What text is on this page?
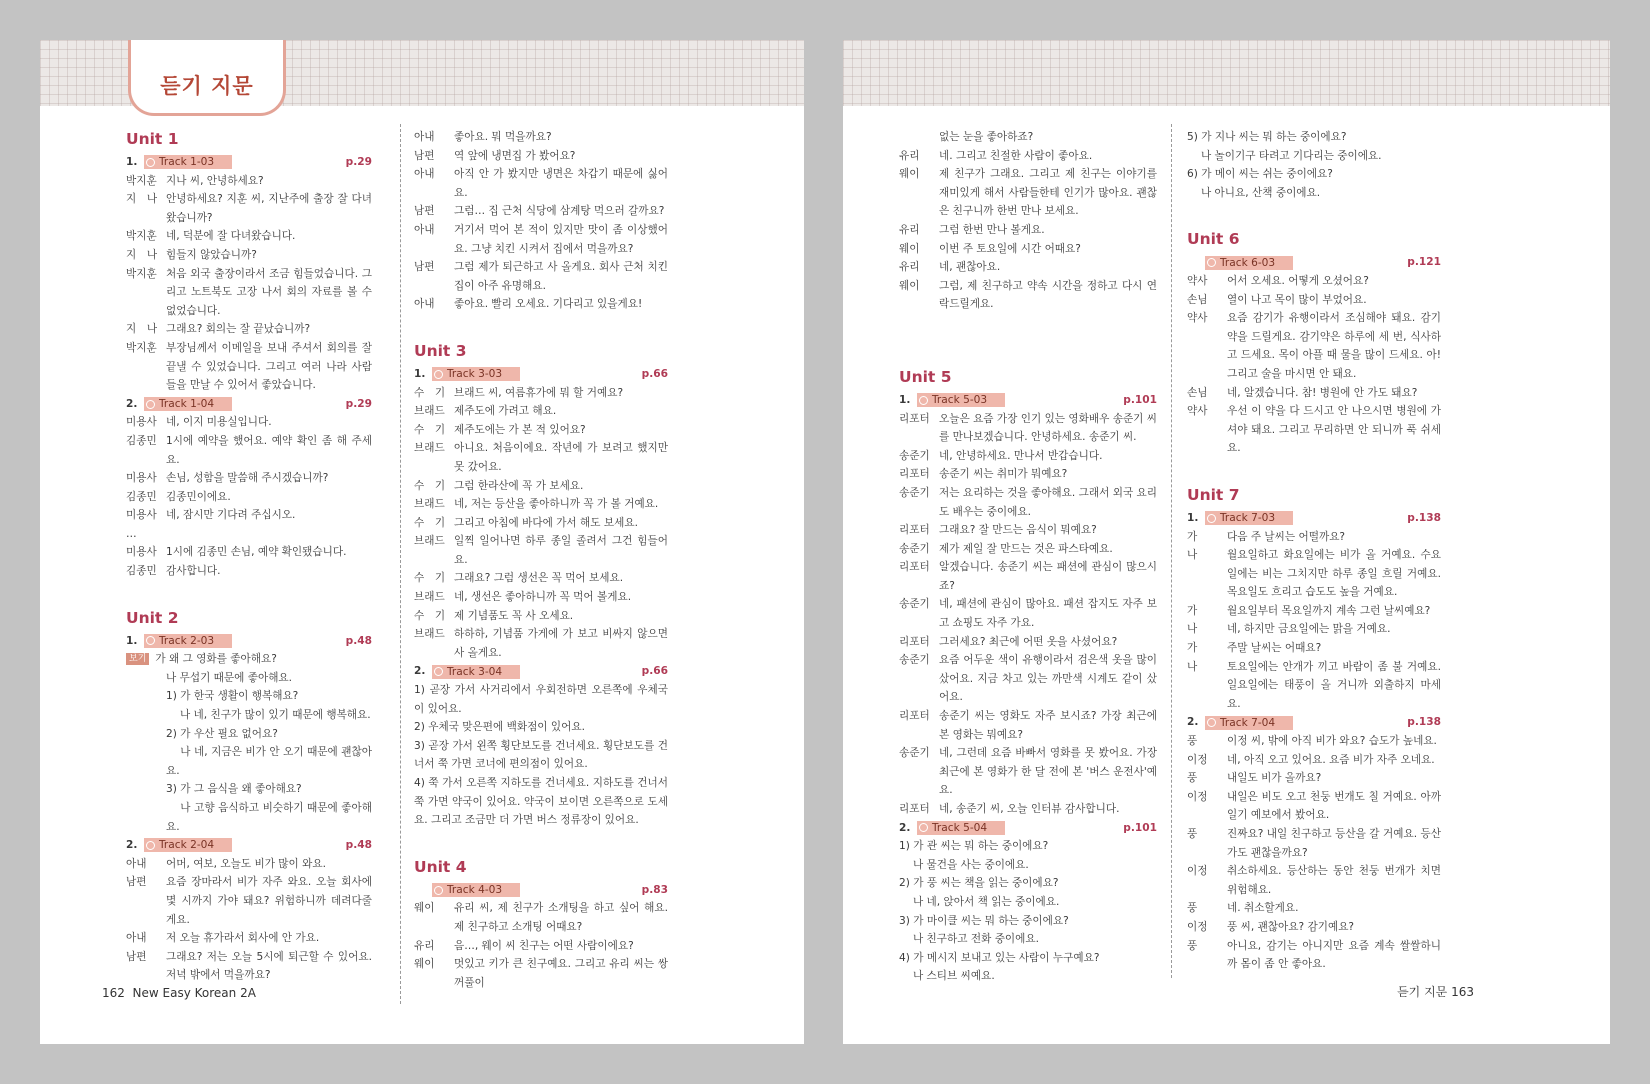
듣기 지문
Unit 1
1.	Track 1-03	p.29
박지훈 지나 씨, 안녕하세요?
지　나 안녕하세요? 지훈 씨, 지난주에 출장 잘 다녀왔습니까?
박지훈 네, 덕분에 잘 다녀왔습니다.
지　나 힘들지 않았습니까?
박지훈 처음 외국 출장이라서 조금 힘들었습니다. 그리고 노트북도 고장 나서 회의 자료를 볼 수 없었습니다.
지　나 그래요? 회의는 잘 끝났습니까?
박지훈 부장님께서 이메일을 보내 주셔서 회의를 잘 끝낼 수 있었습니다. 그리고 여러 나라 사람들을 만날 수 있어서 좋았습니다.
2.	Track 1-04	p.29
미용사 네, 이지 미용실입니다.
김종민 1시에 예약을 했어요. 예약 확인 좀 해 주세요.
미용사 손님, 성함을 말씀해 주시겠습니까?
김종민 김종민이에요.
미용사 네, 잠시만 기다려 주십시오.
…
미용사 1시에 김종민 손님, 예약 확인됐습니다.
김종민 감사합니다.
Unit 2
1.	Track 2-03	p.48
보기 가 왜 그 영화를 좋아해요?
나 무섭기 때문에 좋아해요.
1) 가 한국 생활이 행복해요?
　 나 네, 친구가 많이 있기 때문에 행복해요.
2) 가 우산 필요 없어요?
　 나 네, 지금은 비가 안 오기 때문에 괜찮아요.
3) 가 그 음식을 왜 좋아해요?
　 나 고향 음식하고 비슷하기 때문에 좋아해요.
2.	Track 2-04	p.48
아내	어머, 여보, 오늘도 비가 많이 와요.
남편	요즘 장마라서 비가 자주 와요. 오늘 회사에 몇 시까지 가야 돼요? 위험하니까 데려다줄게요.
아내	저 오늘 휴가라서 회사에 안 가요.
남편	그래요? 저는 오늘 5시에 퇴근할 수 있어요. 저녁 밖에서 먹을까요?
아내	좋아요. 뭐 먹을까요?
남편	역 앞에 냉면집 가 봤어요?
아내	아직 안 가 봤지만 냉면은 차갑기 때문에 싫어요.
남편	그럼… 집 근처 식당에 삼계탕 먹으러 갈까요?
아내	거기서 먹어 본 적이 있지만 맛이 좀 이상했어요. 그냥 치킨 시켜서 집에서 먹을까요?
남편	그럼 제가 퇴근하고 사 올게요. 회사 근처 치킨집이 아주 유명해요.
아내	좋아요. 빨리 오세요. 기다리고 있을게요!
Unit 3
1.	Track 3-03	p.66
수　기 브래드 씨, 여름휴가에 뭐 할 거예요?
브래드 제주도에 가려고 해요.
수　기 제주도에는 가 본 적 있어요?
브래드 아니요. 처음이에요. 작년에 가 보려고 했지만 못 갔어요.
수　기 그럼 한라산에 꼭 가 보세요.
브래드 네, 저는 등산을 좋아하니까 꼭 가 볼 거예요.
수　기 그리고 아침에 바다에 가서 해도 보세요.
브래드 일찍 일어나면 하루 종일 졸려서 그건 힘들어요.
수　기 그래요? 그럼 생선은 꼭 먹어 보세요.
브래드 네, 생선은 좋아하니까 꼭 먹어 볼게요.
수　기 제 기념품도 꼭 사 오세요.
브래드 하하하, 기념품 가게에 가 보고 비싸지 않으면 사 올게요.
2.	Track 3-04	p.66
1) 곧장 가서 사거리에서 우회전하면 오른쪽에 우체국이 있어요.
2) 우체국 맞은편에 백화점이 있어요.
3) 곧장 가서 왼쪽 횡단보도를 건너세요. 횡단보도를 건너서 쭉 가면 코너에 편의점이 있어요.
4) 쭉 가서 오른쪽 지하도를 건너세요. 지하도를 건너서 쭉 가면 약국이 있어요. 약국이 보이면 오른쪽으로 도세요. 그리고 조금만 더 가면 버스 정류장이 있어요.
Unit 4
Track 4-03	p.83
웨이	유리 씨, 제 친구가 소개팅을 하고 싶어 해요. 제 친구하고 소개팅 어때요?
유리	음…, 웨이 씨 친구는 어떤 사람이에요?
웨이	멋있고 키가 큰 친구예요. 그리고 유리 씨는 쌍꺼풀이
162 New Easy Korean 2A
없는 눈을 좋아하죠?
유리	네. 그리고 친절한 사람이 좋아요.
웨이	제 친구가 그래요. 그리고 제 친구는 이야기를 재미있게 해서 사람들한테 인기가 많아요. 괜찮은 친구니까 한번 만나 보세요.
유리	그럼 한번 만나 볼게요.
웨이	이번 주 토요일에 시간 어때요?
유리	네, 괜찮아요.
웨이	그럼, 제 친구하고 약속 시간을 정하고 다시 연락드릴게요.
Unit 5
1.	Track 5-03	p.101
리포터 오늘은 요즘 가장 인기 있는 영화배우 송준기 씨를 만나보겠습니다. 안녕하세요. 송준기 씨.
송준기 네, 안녕하세요. 만나서 반갑습니다.
리포터 송준기 씨는 취미가 뭐예요?
송준기 저는 요리하는 것을 좋아해요. 그래서 외국 요리도 배우는 중이에요.
리포터 그래요? 잘 만드는 음식이 뭐예요?
송준기 제가 제일 잘 만드는 것은 파스타예요.
리포터 알겠습니다. 송준기 씨는 패션에 관심이 많으시죠?
송준기 네, 패션에 관심이 많아요. 패션 잡지도 자주 보고 쇼핑도 자주 가요.
리포터 그러세요? 최근에 어떤 옷을 사셨어요?
송준기 요즘 어두운 색이 유행이라서 검은색 옷을 많이 샀어요. 지금 차고 있는 까만색 시계도 같이 샀어요.
리포터 송준기 씨는 영화도 자주 보시죠? 가장 최근에 본 영화는 뭐예요?
송준기 네, 그런데 요즘 바빠서 영화를 못 봤어요. 가장 최근에 본 영화가 한 달 전에 본 '버스 운전사'예요.
리포터 네, 송준기 씨, 오늘 인터뷰 감사합니다.
2.	Track 5-04	p.101
1) 가 관 씨는 뭐 하는 중이에요?
　 나 물건을 사는 중이에요.
2) 가 풍 씨는 책을 읽는 중이에요?
　 나 네, 앉아서 책 읽는 중이에요.
3) 가 마이클 씨는 뭐 하는 중이에요?
　 나 친구하고 전화 중이에요.
4) 가 메시지 보내고 있는 사람이 누구예요?
　 나 스티브 씨예요.
5) 가 지나 씨는 뭐 하는 중이에요?
　 나 놀이기구 타려고 기다리는 중이에요.
6) 가 메이 씨는 쉬는 중이에요?
　 나 아니요, 산책 중이에요.
Unit 6
Track 6-03	p.121
약사	어서 오세요. 어떻게 오셨어요?
손님	열이 나고 목이 많이 부었어요.
약사	요즘 감기가 유행이라서 조심해야 돼요. 감기약을 드릴게요. 감기약은 하루에 세 번, 식사하고 드세요. 목이 아플 때 물을 많이 드세요. 아! 그리고 술을 마시면 안 돼요.
손님	네, 알겠습니다. 참! 병원에 안 가도 돼요?
약사	우선 이 약을 다 드시고 안 나으시면 병원에 가셔야 돼요. 그리고 무리하면 안 되니까 푹 쉬세요.
Unit 7
1.	Track 7-03	p.138
가	다음 주 날씨는 어떨까요?
나	월요일하고 화요일에는 비가 올 거예요. 수요일에는 비는 그치지만 하루 종일 흐릴 거예요. 목요일도 흐리고 습도도 높을 거예요.
가	월요일부터 목요일까지 계속 그런 날씨예요?
나	네, 하지만 금요일에는 맑을 거예요.
가	주말 날씨는 어때요?
나	토요일에는 안개가 끼고 바람이 좀 불 거예요. 일요일에는 태풍이 올 거니까 외출하지 마세요.
2.	Track 7-04	p.138
풍	이정 씨, 밖에 아직 비가 와요? 습도가 높네요.
이정	네, 아직 오고 있어요. 요즘 비가 자주 오네요.
풍	내일도 비가 올까요?
이정	내일은 비도 오고 천둥 번개도 칠 거예요. 아까 일기 예보에서 봤어요.
풍	진짜요? 내일 친구하고 등산을 갈 거예요. 등산 가도 괜찮을까요?
이정	취소하세요. 등산하는 동안 천둥 번개가 치면 위험해요.
풍	네. 취소할게요.
이정	풍 씨, 괜찮아요? 감기예요?
풍	아니요, 감기는 아니지만 요즘 계속 쌀쌀하니까 몸이 좀 안 좋아요.
듣기 지문 163
